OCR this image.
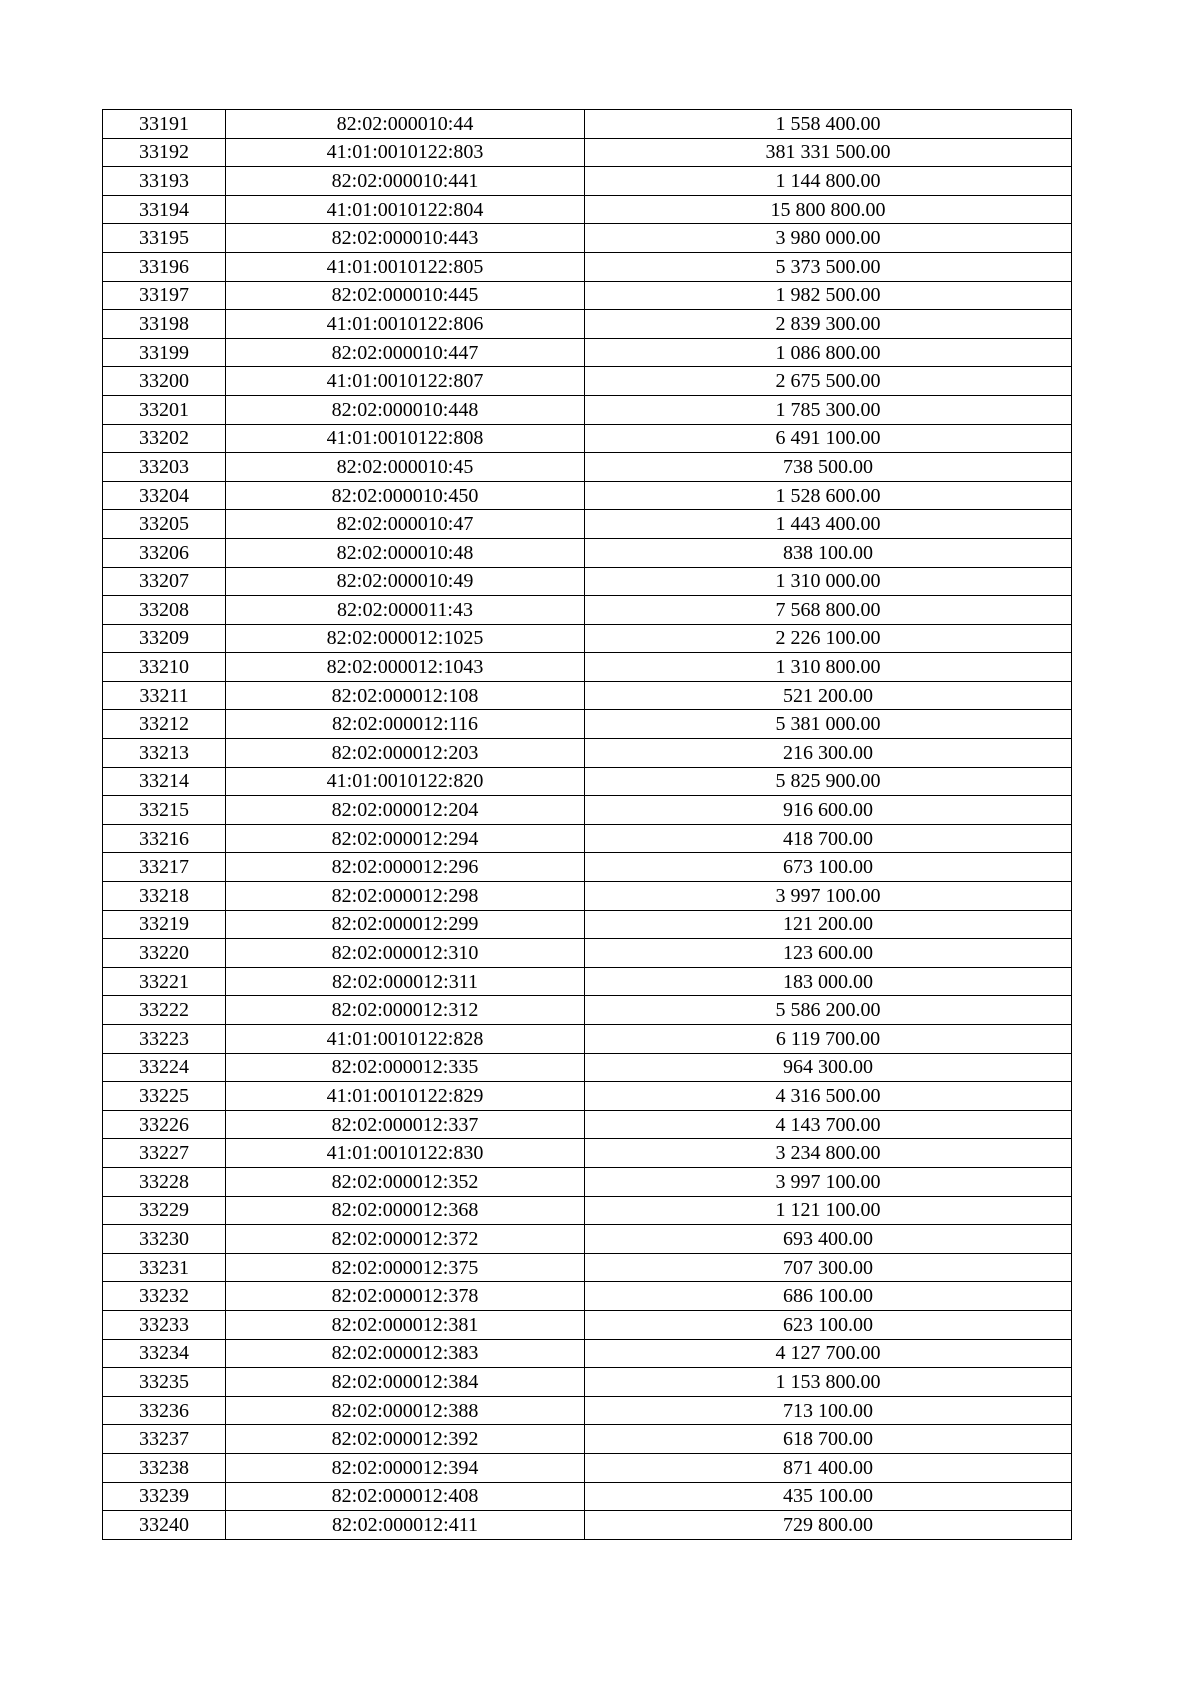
33191	82:02:000010:44	1 558 400.00
33192	41:01:0010122:803	381 331 500.00
33193	82:02:000010:441	1 144 800.00
33194	41:01:0010122:804	15 800 800.00
33195	82:02:000010:443	3 980 000.00
33196	41:01:0010122:805	5 373 500.00
33197	82:02:000010:445	1 982 500.00
33198	41:01:0010122:806	2 839 300.00
33199	82:02:000010:447	1 086 800.00
33200	41:01:0010122:807	2 675 500.00
33201	82:02:000010:448	1 785 300.00
33202	41:01:0010122:808	6 491 100.00
33203	82:02:000010:45	738 500.00
33204	82:02:000010:450	1 528 600.00
33205	82:02:000010:47	1 443 400.00
33206	82:02:000010:48	838 100.00
33207	82:02:000010:49	1 310 000.00
33208	82:02:000011:43	7 568 800.00
33209	82:02:000012:1025	2 226 100.00
33210	82:02:000012:1043	1 310 800.00
33211	82:02:000012:108	521 200.00
33212	82:02:000012:116	5 381 000.00
33213	82:02:000012:203	216 300.00
33214	41:01:0010122:820	5 825 900.00
33215	82:02:000012:204	916 600.00
33216	82:02:000012:294	418 700.00
33217	82:02:000012:296	673 100.00
33218	82:02:000012:298	3 997 100.00
33219	82:02:000012:299	121 200.00
33220	82:02:000012:310	123 600.00
33221	82:02:000012:311	183 000.00
33222	82:02:000012:312	5 586 200.00
33223	41:01:0010122:828	6 119 700.00
33224	82:02:000012:335	964 300.00
33225	41:01:0010122:829	4 316 500.00
33226	82:02:000012:337	4 143 700.00
33227	41:01:0010122:830	3 234 800.00
33228	82:02:000012:352	3 997 100.00
33229	82:02:000012:368	1 121 100.00
33230	82:02:000012:372	693 400.00
33231	82:02:000012:375	707 300.00
33232	82:02:000012:378	686 100.00
33233	82:02:000012:381	623 100.00
33234	82:02:000012:383	4 127 700.00
33235	82:02:000012:384	1 153 800.00
33236	82:02:000012:388	713 100.00
33237	82:02:000012:392	618 700.00
33238	82:02:000012:394	871 400.00
33239	82:02:000012:408	435 100.00
33240	82:02:000012:411	729 800.00
